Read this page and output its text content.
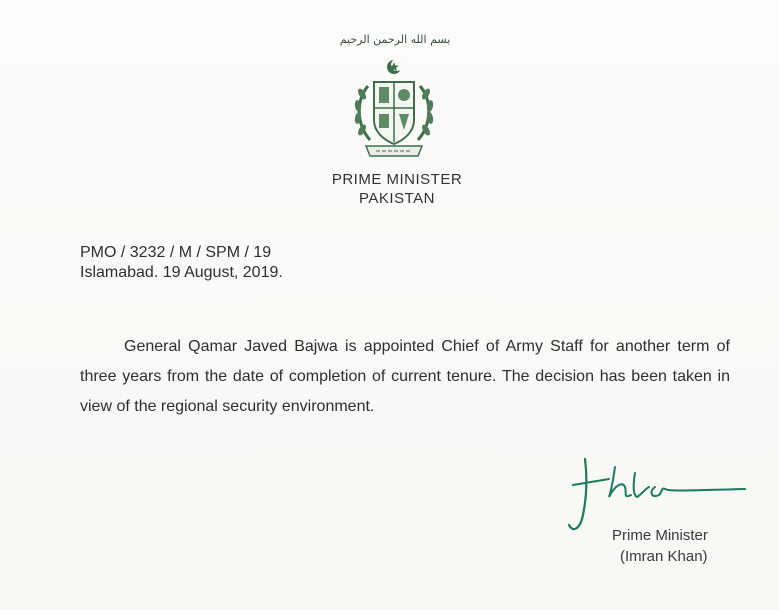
بسم الله الرحمن الرحيم
PRIME MINISTER
PAKISTAN
PMO / 3232 / M / SPM / 19
Islamabad. 19 August, 2019.
General Qamar Javed Bajwa is appointed Chief of Army Staff for another term of three years from the date of completion of current tenure. The decision has been taken in view of the regional security environment.
Prime Minister
(Imran Khan)
